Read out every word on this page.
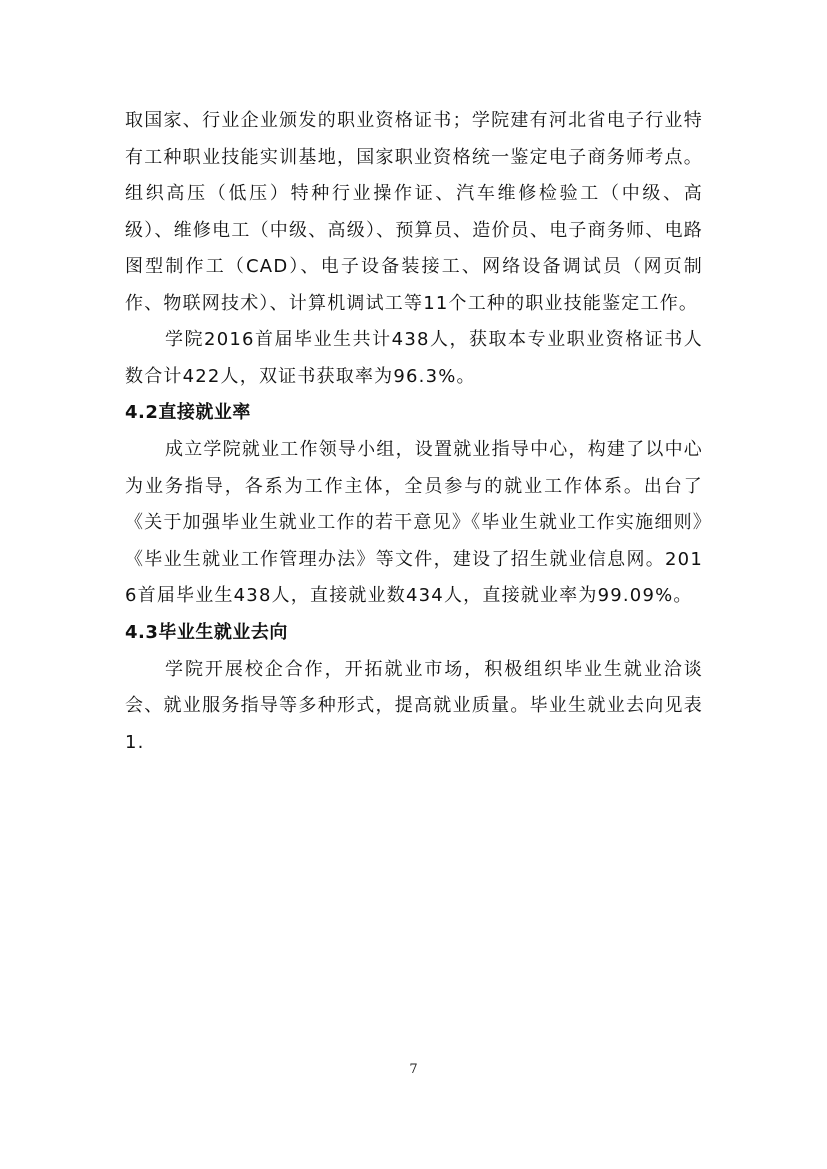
取国家、行业企业颁发的职业资格证书；学院建有河北省电子行业特有工种职业技能实训基地，国家职业资格统一鉴定电子商务师考点。组织高压（低压）特种行业操作证、汽车维修检验工（中级、高级）、维修电工（中级、高级）、预算员、造价员、电子商务师、电路图型制作工（CAD）、电子设备装接工、网络设备调试员（网页制作、物联网技术）、计算机调试工等11个工种的职业技能鉴定工作。

学院2016首届毕业生共计438人，获取本专业职业资格证书人数合计422人，双证书获取率为96.3%。

4.2直接就业率

成立学院就业工作领导小组，设置就业指导中心，构建了以中心为业务指导，各系为工作主体，全员参与的就业工作体系。出台了《关于加强毕业生就业工作的若干意见》《毕业生就业工作实施细则》《毕业生就业工作管理办法》等文件，建设了招生就业信息网。2016首届毕业生438人，直接就业数434人，直接就业率为99.09%。

4.3毕业生就业去向

学院开展校企合作，开拓就业市场，积极组织毕业生就业洽谈会、就业服务指导等多种形式，提高就业质量。毕业生就业去向见表1.

7
